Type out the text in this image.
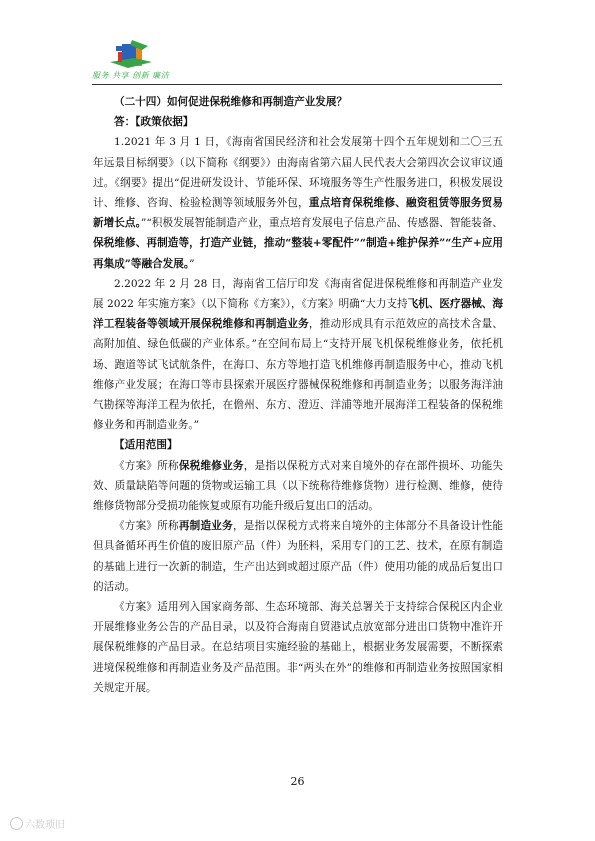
服务 共享 创新 廉洁

（二十四）如何促进保税维修和再制造产业发展？

答：【政策依据】

1.2021 年 3 月 1 日，《海南省国民经济和社会发展第十四个五年规划和二〇三五年远景目标纲要》（以下简称《纲要》）由海南省第六届人民代表大会第四次会议审议通过。《纲要》提出“促进研发设计、节能环保、环境服务等生产性服务进口，积极发展设计、维修、咨询、检验检测等领域服务外包，重点培育保税维修、融资租赁等服务贸易新增长点。”“积极发展智能制造产业，重点培育发展电子信息产品、传感器、智能装备、保税维修、再制造等，打造产业链，推动“整装+零配件”“制造+维护保养”“生产+应用再集成”等融合发展。”

2.2022 年 2 月 28 日，海南省工信厅印发《海南省促进保税维修和再制造产业发展 2022 年实施方案》（以下简称《方案》），《方案》明确“大力支持飞机、医疗器械、海洋工程装备等领域开展保税维修和再制造业务，推动形成具有示范效应的高技术含量、高附加值、绿色低碳的产业体系。”在空间布局上“支持开展飞机保税维修业务，依托机场、跑道等试飞试航条件，在海口、东方等地打造飞机维修再制造服务中心，推动飞机维修产业发展；在海口等市县探索开展医疗器械保税维修和再制造业务；以服务海洋油气勘探等海洋工程为依托，在儋州、东方、澄迈、洋浦等地开展海洋工程装备的保税维修业务和再制造业务。”

【适用范围】

《方案》所称保税维修业务，是指以保税方式对来自境外的存在部件损坏、功能失效、质量缺陷等问题的货物或运输工具（以下统称待维修货物）进行检测、维修，使待维修货物部分受损功能恢复或原有功能升级后复出口的活动。

《方案》所称再制造业务，是指以保税方式将来自境外的主体部分不具备设计性能但具备循环再生价值的废旧原产品（件）为胚料，采用专门的工艺、技术，在原有制造的基础上进行一次新的制造，生产出达到或超过原产品（件）使用功能的成品后复出口的活动。

《方案》适用列入国家商务部、生态环境部、海关总署关于支持综合保税区内企业开展维修业务公告的产品目录，以及符合海南自贸港试点放宽部分进出口货物中准许开展保税维修的产品目录。在总结项目实施经验的基础上，根据业务发展需要，不断探索进境保税维修和再制造业务及产品范围。非“两头在外”的维修和再制造业务按照国家相关规定开展。

26
六数琐旧
